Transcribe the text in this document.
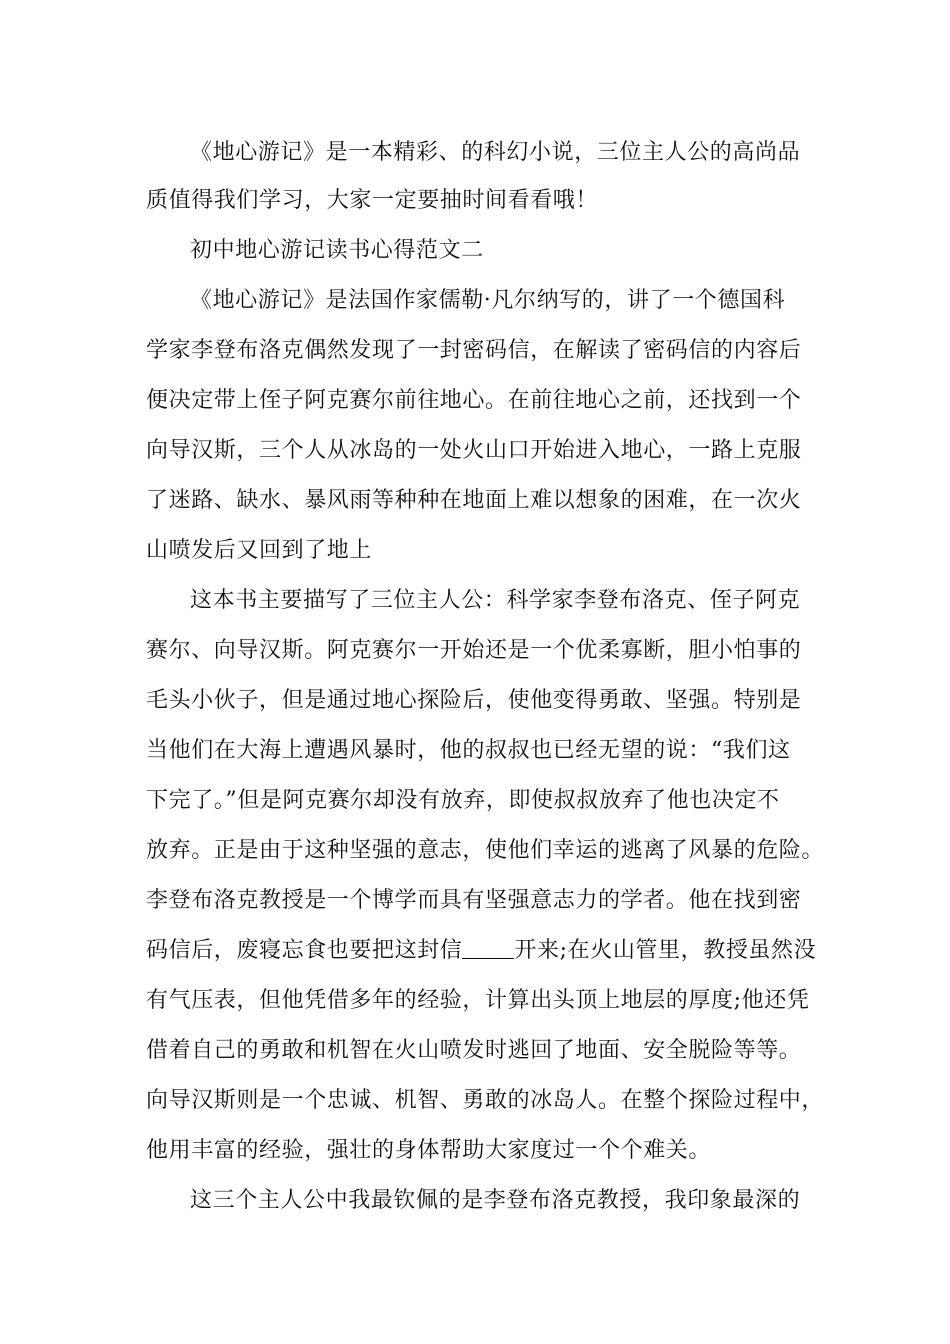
《地心游记》是一本精彩、的科幻小说，三位主人公的高尚品
质值得我们学习，大家一定要抽时间看看哦！
初中地心游记读书心得范文二
《地心游记》是法国作家儒勒·凡尔纳写的，讲了一个德国科
学家李登布洛克偶然发现了一封密码信，在解读了密码信的内容后
便决定带上侄子阿克赛尔前往地心。在前往地心之前，还找到一个
向导汉斯，三个人从冰岛的一处火山口开始进入地心，一路上克服
了迷路、缺水、暴风雨等种种在地面上难以想象的困难，在一次火
山喷发后又回到了地上
这本书主要描写了三位主人公：科学家李登布洛克、侄子阿克
赛尔、向导汉斯。阿克赛尔一开始还是一个优柔寡断，胆小怕事的
毛头小伙子，但是通过地心探险后，使他变得勇敢、坚强。特别是
当他们在大海上遭遇风暴时，他的叔叔也已经无望的说：“我们这
下完了。”但是阿克赛尔却没有放弃，即使叔叔放弃了他也决定不
放弃。正是由于这种坚强的意志，使他们幸运的逃离了风暴的危险。
李登布洛克教授是一个博学而具有坚强意志力的学者。他在找到密
码信后，废寝忘食也要把这封信 开来;在火山管里，教授虽然没
有气压表，但他凭借多年的经验，计算出头顶上地层的厚度;他还凭
借着自己的勇敢和机智在火山喷发时逃回了地面、安全脱险等等。
向导汉斯则是一个忠诚、机智、勇敢的冰岛人。在整个探险过程中，
他用丰富的经验，强壮的身体帮助大家度过一个个难关。
这三个主人公中我最钦佩的是李登布洛克教授，我印象最深的
